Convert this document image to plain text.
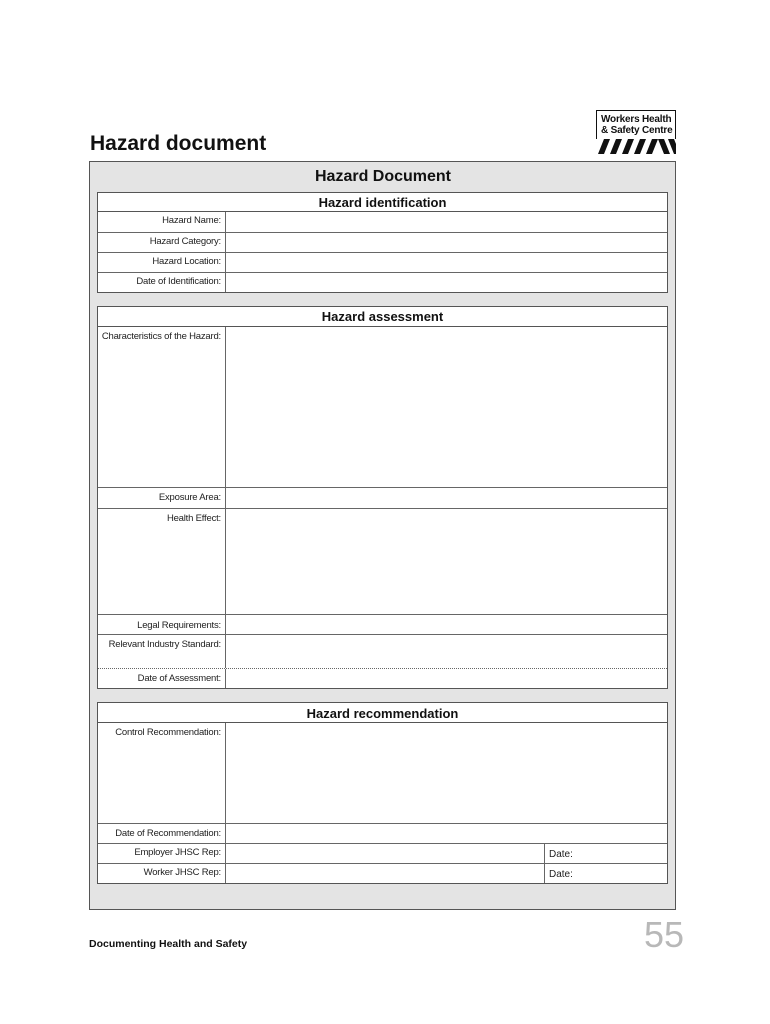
Hazard document
Workers Health
& Safety Centre
Hazard Document
Hazard identification
Hazard Name:
Hazard Category:
Hazard Location:
Date of Identification:
Hazard assessment
Characteristics of the Hazard:
Exposure Area:
Health Effect:
Legal Requirements:
Relevant Industry Standard:
Date of Assessment:
Hazard recommendation
Control Recommendation:
Date of Recommendation:
Employer JHSC Rep:	Date:
Worker JHSC Rep:	Date:
Documenting Health and Safety	55
